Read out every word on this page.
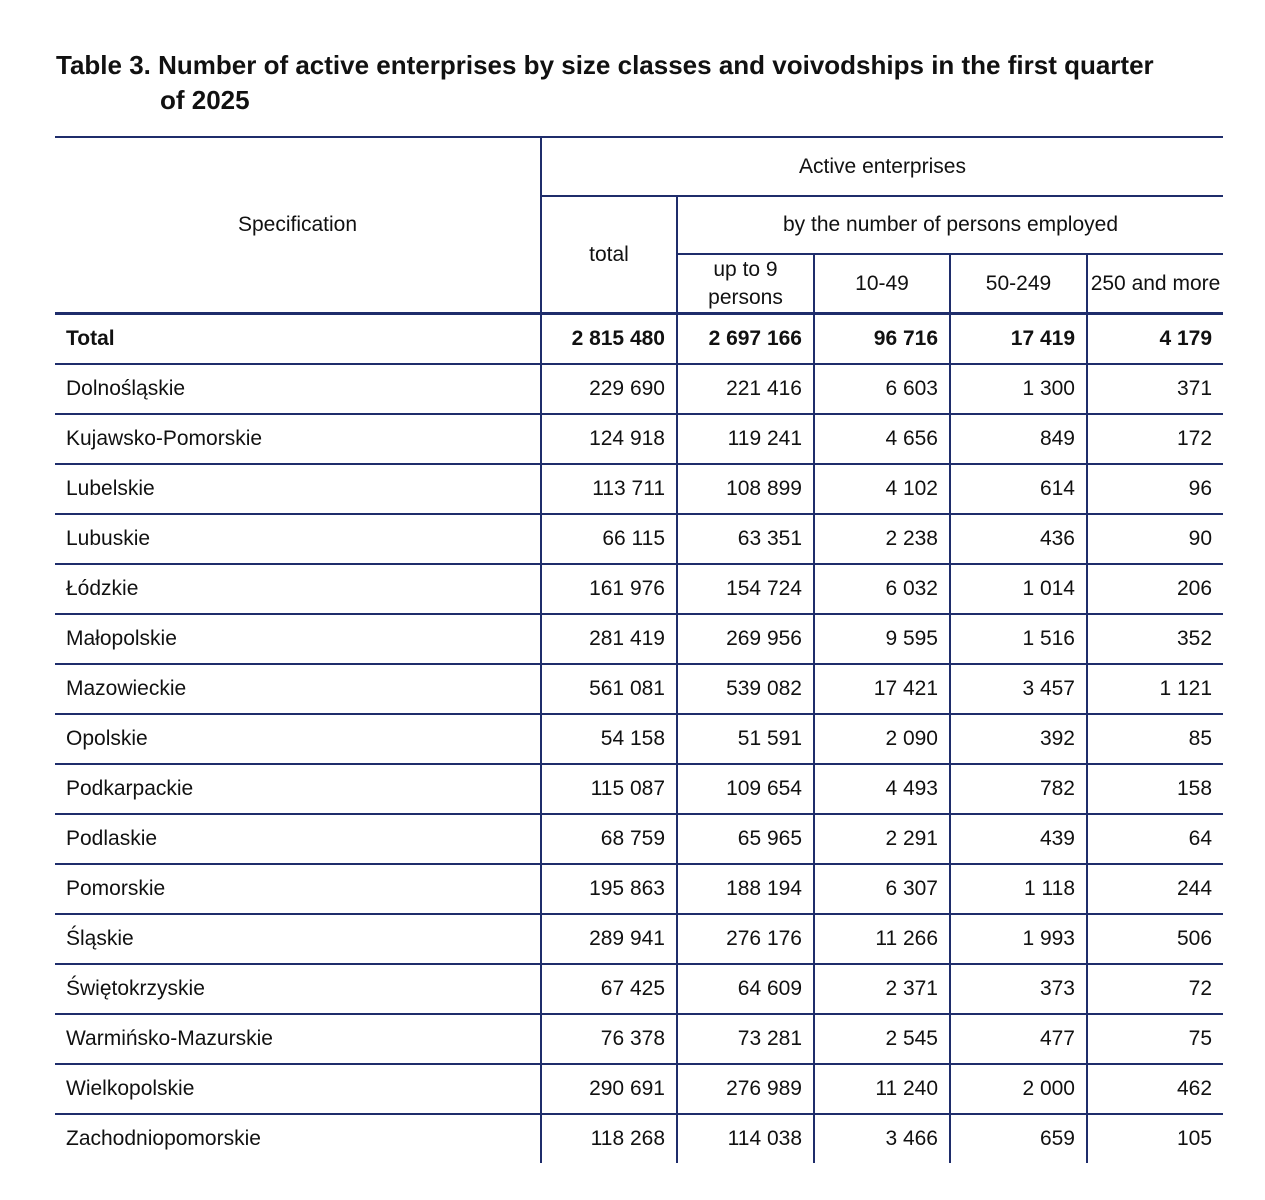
Table 3. Number of active enterprises by size classes and voivodships in the first quarter
of 2025
Specification	Active enterprises				
	total	by the number of persons employed			
		up to 9 persons	10-49	50-249	250 and more
Total	2 815 480	2 697 166	96 716	17 419	4 179
Dolnośląskie	229 690	221 416	6 603	1 300	371
Kujawsko-Pomorskie	124 918	119 241	4 656	849	172
Lubelskie	113 711	108 899	4 102	614	96
Lubuskie	66 115	63 351	2 238	436	90
Łódzkie	161 976	154 724	6 032	1 014	206
Małopolskie	281 419	269 956	9 595	1 516	352
Mazowieckie	561 081	539 082	17 421	3 457	1 121
Opolskie	54 158	51 591	2 090	392	85
Podkarpackie	115 087	109 654	4 493	782	158
Podlaskie	68 759	65 965	2 291	439	64
Pomorskie	195 863	188 194	6 307	1 118	244
Śląskie	289 941	276 176	11 266	1 993	506
Świętokrzyskie	67 425	64 609	2 371	373	72
Warmińsko-Mazurskie	76 378	73 281	2 545	477	75
Wielkopolskie	290 691	276 989	11 240	2 000	462
Zachodniopomorskie	118 268	114 038	3 466	659	105
